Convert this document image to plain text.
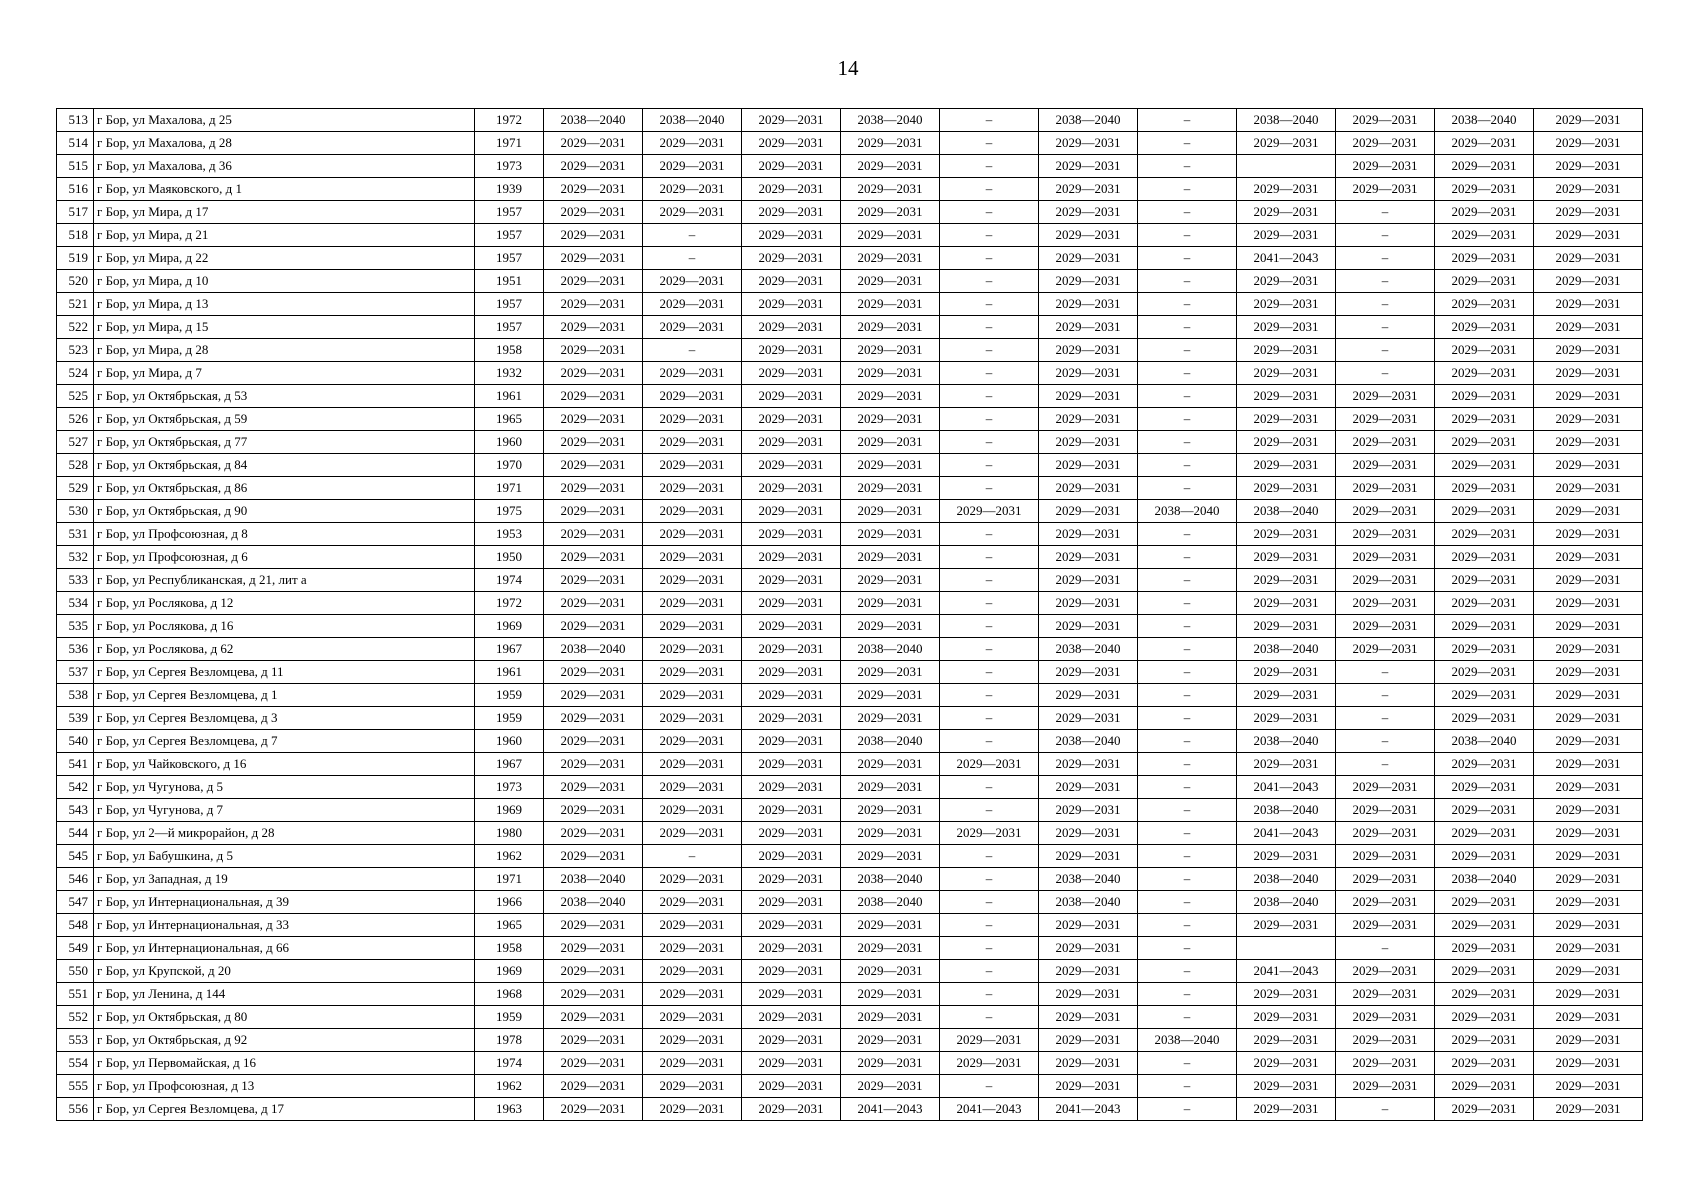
14
513	г Бор, ул Махалова, д 25	1972	2038—2040	2038—2040	2029—2031	2038—2040	–	2038—2040	–	2038—2040	2029—2031	2038—2040	2029—2031
514	г Бор, ул Махалова, д 28	1971	2029—2031	2029—2031	2029—2031	2029—2031	–	2029—2031	–	2029—2031	2029—2031	2029—2031	2029—2031
515	г Бор, ул Махалова, д 36	1973	2029—2031	2029—2031	2029—2031	2029—2031	–	2029—2031	–		2029—2031	2029—2031	2029—2031
516	г Бор, ул Маяковского, д 1	1939	2029—2031	2029—2031	2029—2031	2029—2031	–	2029—2031	–	2029—2031	2029—2031	2029—2031	2029—2031
517	г Бор, ул Мира, д 17	1957	2029—2031	2029—2031	2029—2031	2029—2031	–	2029—2031	–	2029—2031	–	2029—2031	2029—2031
518	г Бор, ул Мира, д 21	1957	2029—2031	–	2029—2031	2029—2031	–	2029—2031	–	2029—2031	–	2029—2031	2029—2031
519	г Бор, ул Мира, д 22	1957	2029—2031	–	2029—2031	2029—2031	–	2029—2031	–	2041—2043	–	2029—2031	2029—2031
520	г Бор, ул Мира, д 10	1951	2029—2031	2029—2031	2029—2031	2029—2031	–	2029—2031	–	2029—2031	–	2029—2031	2029—2031
521	г Бор, ул Мира, д 13	1957	2029—2031	2029—2031	2029—2031	2029—2031	–	2029—2031	–	2029—2031	–	2029—2031	2029—2031
522	г Бор, ул Мира, д 15	1957	2029—2031	2029—2031	2029—2031	2029—2031	–	2029—2031	–	2029—2031	–	2029—2031	2029—2031
523	г Бор, ул Мира, д 28	1958	2029—2031	–	2029—2031	2029—2031	–	2029—2031	–	2029—2031	–	2029—2031	2029—2031
524	г Бор, ул Мира, д 7	1932	2029—2031	2029—2031	2029—2031	2029—2031	–	2029—2031	–	2029—2031	–	2029—2031	2029—2031
525	г Бор, ул Октябрьская, д 53	1961	2029—2031	2029—2031	2029—2031	2029—2031	–	2029—2031	–	2029—2031	2029—2031	2029—2031	2029—2031
526	г Бор, ул Октябрьская, д 59	1965	2029—2031	2029—2031	2029—2031	2029—2031	–	2029—2031	–	2029—2031	2029—2031	2029—2031	2029—2031
527	г Бор, ул Октябрьская, д 77	1960	2029—2031	2029—2031	2029—2031	2029—2031	–	2029—2031	–	2029—2031	2029—2031	2029—2031	2029—2031
528	г Бор, ул Октябрьская, д 84	1970	2029—2031	2029—2031	2029—2031	2029—2031	–	2029—2031	–	2029—2031	2029—2031	2029—2031	2029—2031
529	г Бор, ул Октябрьская, д 86	1971	2029—2031	2029—2031	2029—2031	2029—2031	–	2029—2031	–	2029—2031	2029—2031	2029—2031	2029—2031
530	г Бор, ул Октябрьская, д 90	1975	2029—2031	2029—2031	2029—2031	2029—2031	2029—2031	2029—2031	2038—2040	2038—2040	2029—2031	2029—2031	2029—2031
531	г Бор, ул Профсоюзная, д 8	1953	2029—2031	2029—2031	2029—2031	2029—2031	–	2029—2031	–	2029—2031	2029—2031	2029—2031	2029—2031
532	г Бор, ул Профсоюзная, д 6	1950	2029—2031	2029—2031	2029—2031	2029—2031	–	2029—2031	–	2029—2031	2029—2031	2029—2031	2029—2031
533	г Бор, ул Республиканская, д 21, лит а	1974	2029—2031	2029—2031	2029—2031	2029—2031	–	2029—2031	–	2029—2031	2029—2031	2029—2031	2029—2031
534	г Бор, ул Рослякова, д 12	1972	2029—2031	2029—2031	2029—2031	2029—2031	–	2029—2031	–	2029—2031	2029—2031	2029—2031	2029—2031
535	г Бор, ул Рослякова, д 16	1969	2029—2031	2029—2031	2029—2031	2029—2031	–	2029—2031	–	2029—2031	2029—2031	2029—2031	2029—2031
536	г Бор, ул Рослякова, д 62	1967	2038—2040	2029—2031	2029—2031	2038—2040	–	2038—2040	–	2038—2040	2029—2031	2029—2031	2029—2031
537	г Бор, ул Сергея Везломцева, д 11	1961	2029—2031	2029—2031	2029—2031	2029—2031	–	2029—2031	–	2029—2031	–	2029—2031	2029—2031
538	г Бор, ул Сергея Везломцева, д 1	1959	2029—2031	2029—2031	2029—2031	2029—2031	–	2029—2031	–	2029—2031	–	2029—2031	2029—2031
539	г Бор, ул Сергея Везломцева, д 3	1959	2029—2031	2029—2031	2029—2031	2029—2031	–	2029—2031	–	2029—2031	–	2029—2031	2029—2031
540	г Бор, ул Сергея Везломцева, д 7	1960	2029—2031	2029—2031	2029—2031	2038—2040	–	2038—2040	–	2038—2040	–	2038—2040	2029—2031
541	г Бор, ул Чайковского, д 16	1967	2029—2031	2029—2031	2029—2031	2029—2031	2029—2031	2029—2031	–	2029—2031	–	2029—2031	2029—2031
542	г Бор, ул Чугунова, д 5	1973	2029—2031	2029—2031	2029—2031	2029—2031	–	2029—2031	–	2041—2043	2029—2031	2029—2031	2029—2031
543	г Бор, ул Чугунова, д 7	1969	2029—2031	2029—2031	2029—2031	2029—2031	–	2029—2031	–	2038—2040	2029—2031	2029—2031	2029—2031
544	г Бор, ул 2—й микрорайон, д 28	1980	2029—2031	2029—2031	2029—2031	2029—2031	2029—2031	2029—2031	–	2041—2043	2029—2031	2029—2031	2029—2031
545	г Бор, ул Бабушкина, д 5	1962	2029—2031	–	2029—2031	2029—2031	–	2029—2031	–	2029—2031	2029—2031	2029—2031	2029—2031
546	г Бор, ул Западная, д 19	1971	2038—2040	2029—2031	2029—2031	2038—2040	–	2038—2040	–	2038—2040	2029—2031	2038—2040	2029—2031
547	г Бор, ул Интернациональная, д 39	1966	2038—2040	2029—2031	2029—2031	2038—2040	–	2038—2040	–	2038—2040	2029—2031	2029—2031	2029—2031
548	г Бор, ул Интернациональная, д 33	1965	2029—2031	2029—2031	2029—2031	2029—2031	–	2029—2031	–	2029—2031	2029—2031	2029—2031	2029—2031
549	г Бор, ул Интернациональная, д 66	1958	2029—2031	2029—2031	2029—2031	2029—2031	–	2029—2031	–		–	2029—2031	2029—2031
550	г Бор, ул Крупской, д 20	1969	2029—2031	2029—2031	2029—2031	2029—2031	–	2029—2031	–	2041—2043	2029—2031	2029—2031	2029—2031
551	г Бор, ул Ленина, д 144	1968	2029—2031	2029—2031	2029—2031	2029—2031	–	2029—2031	–	2029—2031	2029—2031	2029—2031	2029—2031
552	г Бор, ул Октябрьская, д 80	1959	2029—2031	2029—2031	2029—2031	2029—2031	–	2029—2031	–	2029—2031	2029—2031	2029—2031	2029—2031
553	г Бор, ул Октябрьская, д 92	1978	2029—2031	2029—2031	2029—2031	2029—2031	2029—2031	2029—2031	2038—2040	2029—2031	2029—2031	2029—2031	2029—2031
554	г Бор, ул Первомайская, д 16	1974	2029—2031	2029—2031	2029—2031	2029—2031	2029—2031	2029—2031	–	2029—2031	2029—2031	2029—2031	2029—2031
555	г Бор, ул Профсоюзная, д 13	1962	2029—2031	2029—2031	2029—2031	2029—2031	–	2029—2031	–	2029—2031	2029—2031	2029—2031	2029—2031
556	г Бор, ул Сергея Везломцева, д 17	1963	2029—2031	2029—2031	2029—2031	2041—2043	2041—2043	2041—2043	–	2029—2031	–	2029—2031	2029—2031
